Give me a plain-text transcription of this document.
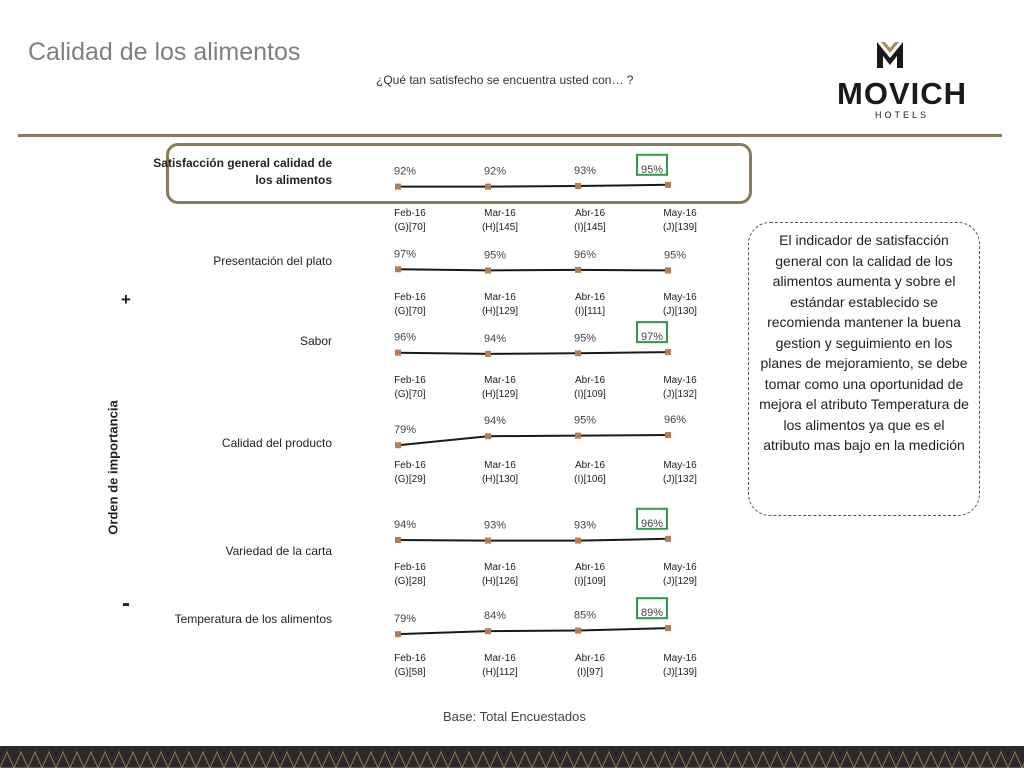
Calidad de los alimentos
¿Qué tan satisfecho se encuentra usted con… ?	MOVICH
HOTELS
Satisfacción general calidad de los alimentos
Presentación del plato
Sabor
Calidad del producto
Variedad de la carta
Temperatura de los alimentos
+
Orden de importancia
-
El indicador de satisfacción general con la calidad de los alimentos aumenta y sobre el estándar establecido se recomienda mantener la buena gestion y seguimiento en los planes de mejoramiento, se debe tomar como una oportunidad de mejora el atributo Temperatura de los alimentos ya que es el atributo mas bajo en la medición
Base: Total Encuestados
92%
Feb-16
(G)[70]
92%
Mar-16
(H)[145]
93%
Abr-16
(I)[145]
95%
May-16
(J)[139]
97%
Feb-16
(G)[70]
95%
Mar-16
(H)[129]
96%
Abr-16
(I)[111]
95%
May-16
(J)[130]
96%
Feb-16
(G)[70]
94%
Mar-16
(H)[129]
95%
Abr-16
(I)[109]
97%
May-16
(J)[132]
79%
Feb-16
(G)[29]
94%
Mar-16
(H)[130]
95%
Abr-16
(I)[106]
96%
May-16
(J)[132]
94%
Feb-16
(G)[28]
93%
Mar-16
(H)[126]
93%
Abr-16
(I)[109]
96%
May-16
(J)[129]
79%
Feb-16
(G)[58]
84%
Mar-16
(H)[112]
85%
Abr-16
(I)[97]
89%
May-16
(J)[139]
